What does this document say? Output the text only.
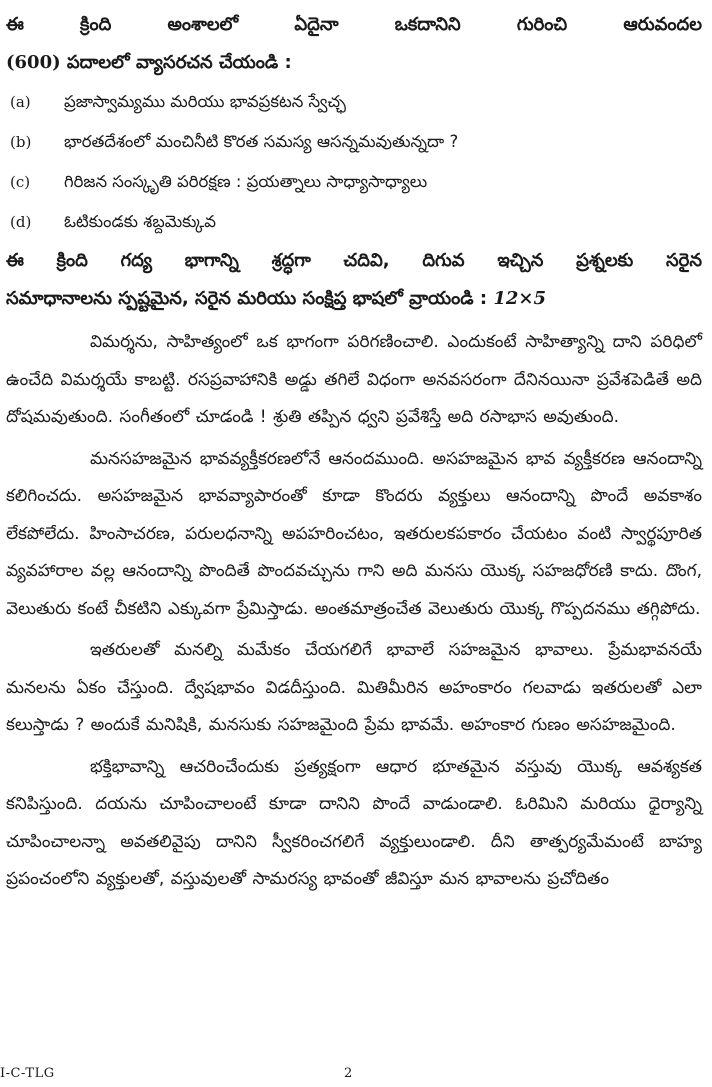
ఈ క్రింది అంశాలలో ఏదైనా ఒకదానిని గురించి ఆరువందల
(600) పదాలలో వ్యాసరచన చేయండి :
(a)	ప్రజాస్వామ్యము మరియు భావప్రకటన స్వేచ్ఛ
(b)	భారతదేశంలో మంచినీటి కొరత సమస్య ఆసన్నమవుతున్నదా ?
(c)	గిరిజన సంస్కృతి పరిరక్షణ : ప్రయత్నాలు సాధ్యాసాధ్యాలు
(d)	ఓటికుండకు శబ్దమెక్కువ
ఈ క్రింది గద్య భాగాన్ని శ్రద్ధగా చదివి, దిగువ ఇచ్చిన ప్రశ్నలకు సరైన
సమాధానాలను స్పష్టమైన, సరైన మరియు సంక్షిప్త భాషలో వ్రాయండి : 12×5

విమర్శను, సాహిత్యంలో ఒక భాగంగా పరిగణించాలి. ఎందుకంటే సాహిత్యాన్ని దాని పరిధిలో ఉంచేది విమర్శయే కాబట్టి. రసప్రవాహానికి అడ్డు తగిలే విధంగా అనవసరంగా దేనినయినా ప్రవేశపెడితే అది దోషమవుతుంది. సంగీతంలో చూడండి ! శ్రుతి తప్పిన ధ్వని ప్రవేశిస్తే అది రసాభాస అవుతుంది.

మనసహజమైన భావవ్యక్తీకరణలోనే ఆనందముంది. అసహజమైన భావ వ్యక్తీకరణ ఆనందాన్ని కలిగించదు. అసహజమైన భావవ్యాపారంతో కూడా కొందరు వ్యక్తులు ఆనందాన్ని పొందే అవకాశం లేకపోలేదు. హింసాచరణ, పరులధనాన్ని అపహరించటం, ఇతరులకపకారం చేయటం వంటి స్వార్థపూరిత వ్యవహారాల వల్ల ఆనందాన్ని పొందితే పొందవచ్చును గాని అది మనసు యొక్క సహజధోరణి కాదు. దొంగ, వెలుతురు కంటే చీకటిని ఎక్కువగా ప్రేమిస్తాడు. అంతమాత్రంచేత వెలుతురు యొక్క గొప్పదనము తగ్గిపోదు.

ఇతరులతో మనల్ని మమేకం చేయగలిగే భావాలే సహజమైన భావాలు. ప్రేమభావనయే మనలను ఏకం చేస్తుంది. ద్వేషభావం విడదీస్తుంది. మితిమీరిన అహంకారం గలవాడు ఇతరులతో ఎలా కలుస్తాడు ? అందుకే మనిషికి, మనసుకు సహజమైంది ప్రేమ భావమే. అహంకార గుణం అసహజమైంది.

భక్తిభావాన్ని ఆచరించేందుకు ప్రత్యక్షంగా ఆధార భూతమైన వస్తువు యొక్క ఆవశ్యకత కనిపిస్తుంది. దయను చూపించాలంటే కూడా దానిని పొందే వాడుండాలి. ఓరిమిని మరియు ధైర్యాన్ని చూపించాలన్నా అవతలివైపు దానిని స్వీకరించగలిగే వ్యక్తులుండాలి. దీని తాత్పర్యమేమంటే బాహ్య ప్రపంచంలోని వ్యక్తులతో, వస్తువులతో సామరస్య భావంతో జీవిస్తూ మన భావాలను ప్రచోదితం

I-C-TLG	2
